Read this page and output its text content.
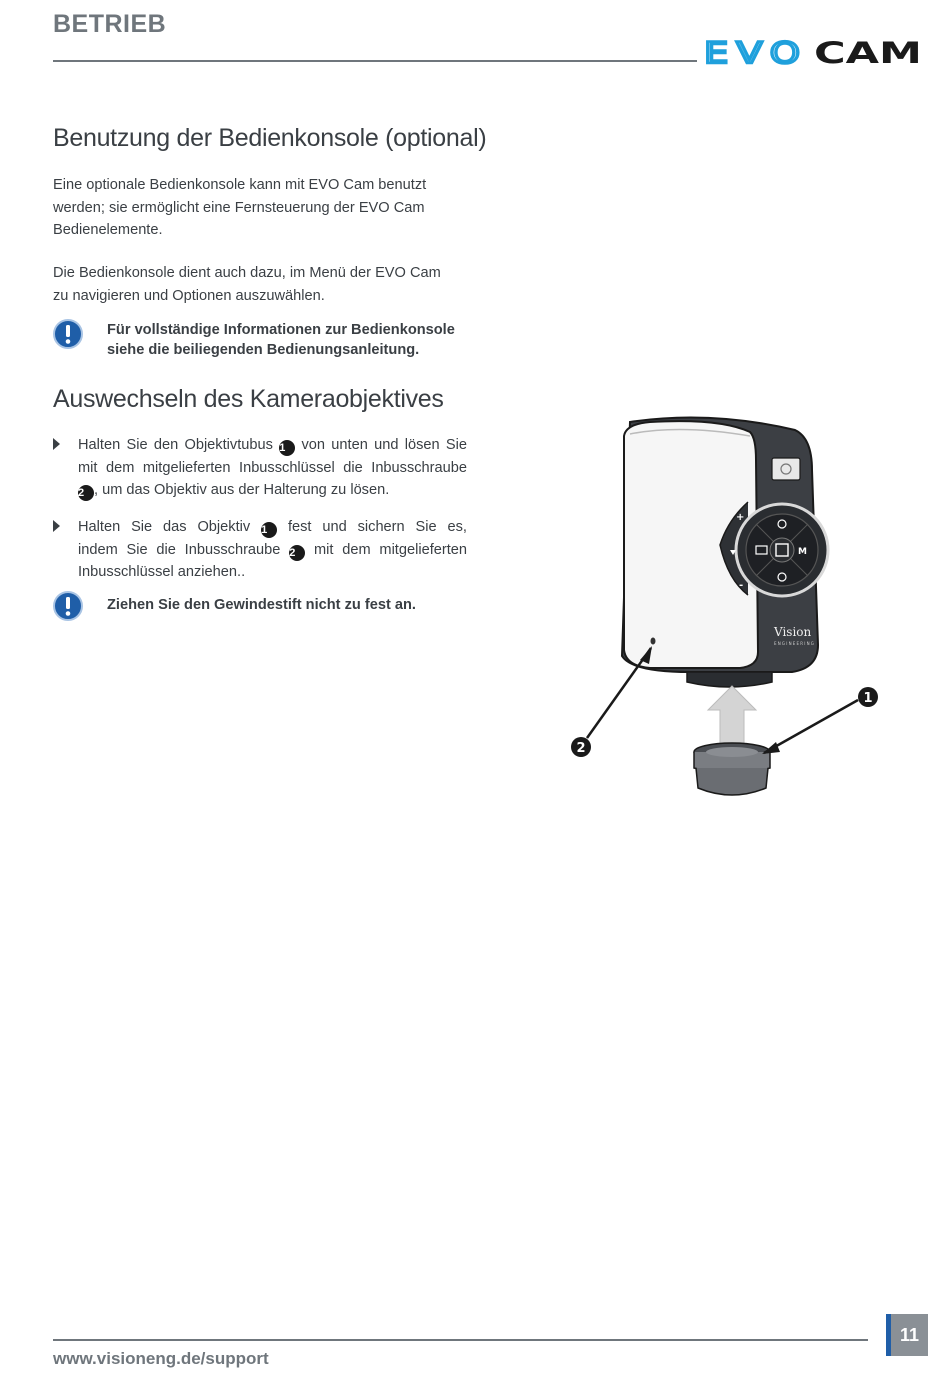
BETRIEB
EVO CAM
Benutzung der Bedienkonsole (optional)
Eine optionale Bedienkonsole kann mit EVO Cam benutzt
werden; sie ermöglicht eine Fernsteuerung der EVO Cam
Bedienelemente.
Die Bedienkonsole dient auch dazu, im Menü der EVO Cam
zu navigieren und Optionen auszuwählen.
Für vollständige Informationen zur Bedienkonsole
siehe die beiliegenden Bedienungsanleitung.
Auswechseln des Kameraobjektives
Halten Sie den Objektivtubus 1 von unten und lösen Sie
mit dem mitgelieferten Inbusschlüssel die Inbusschraube
2 , um das Objektiv aus der Halterung zu lösen.
Halten Sie das Objektiv 1 fest und sichern Sie es,
indem Sie die Inbusschraube 2 mit dem mitgelieferten
Inbusschlüssel anziehen..
Ziehen Sie den Gewindestift nicht zu fest an.
M
+
-
Vision
ENGINEERING
1
2
www.visioneng.de/support
11
